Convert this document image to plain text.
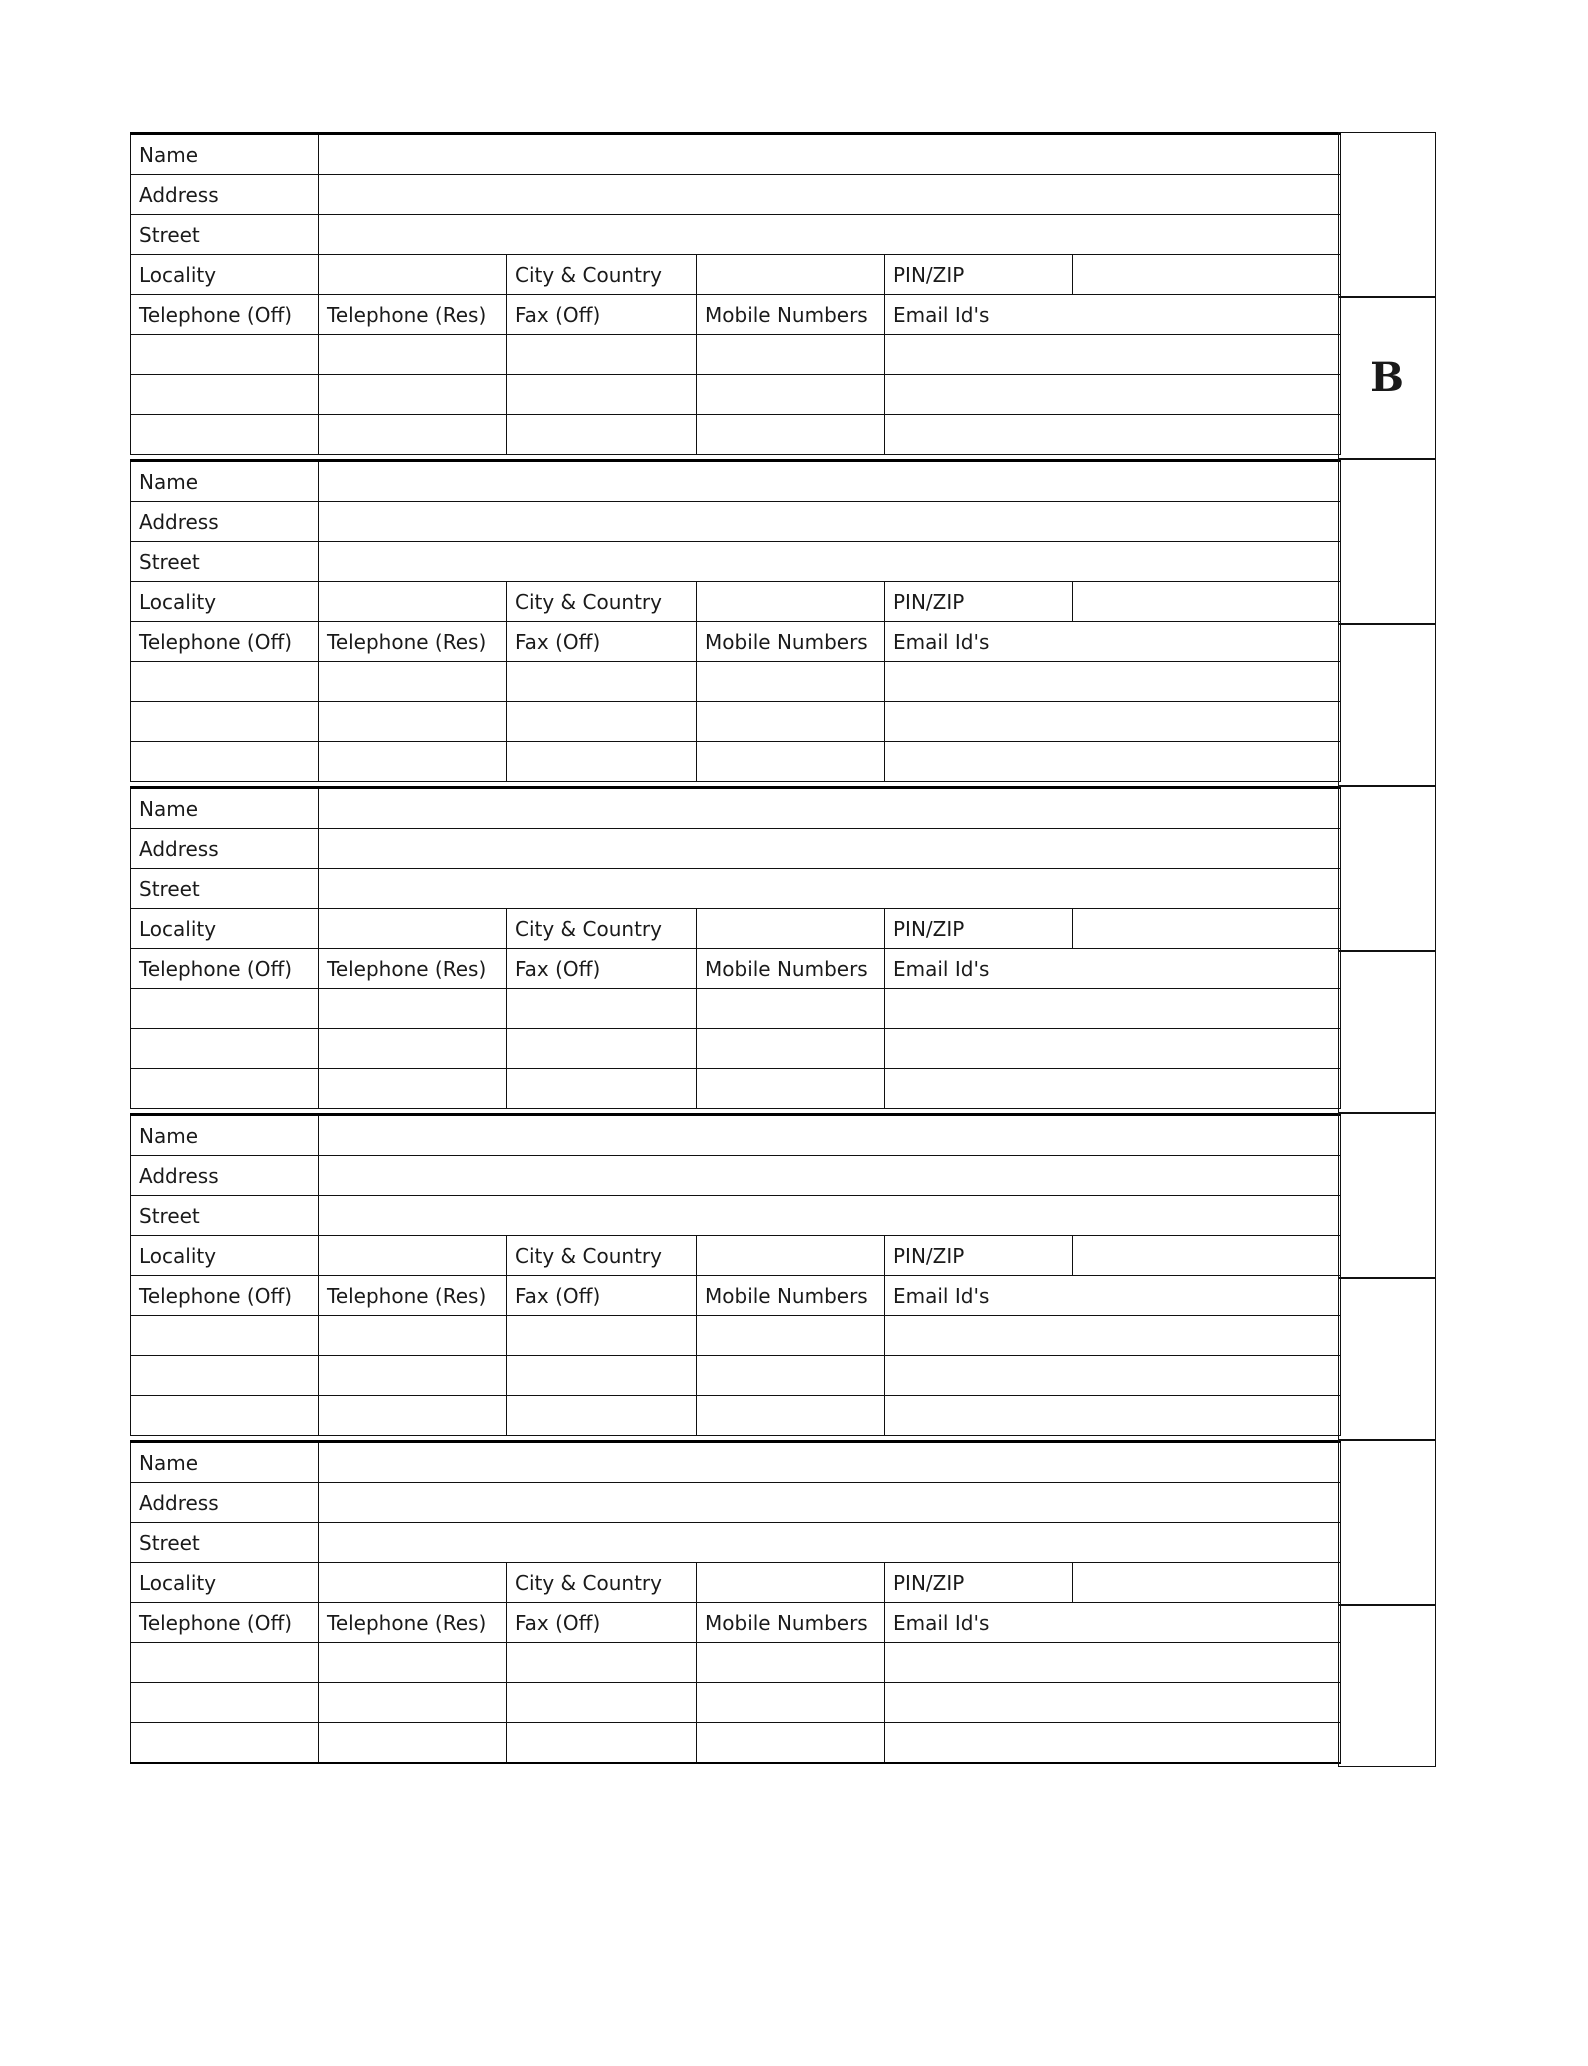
Name					
Address					
Street					
Locality		City & Country		PIN/ZIP	
Telephone (Off)	Telephone (Res)	Fax (Off)	Mobile Numbers	Email Id's	

B
Name					
Address					
Street					
Locality		City & Country		PIN/ZIP	
Telephone (Off)	Telephone (Res)	Fax (Off)	Mobile Numbers	Email Id's	

Name					
Address					
Street					
Locality		City & Country		PIN/ZIP	
Telephone (Off)	Telephone (Res)	Fax (Off)	Mobile Numbers	Email Id's	

Name					
Address					
Street					
Locality		City & Country		PIN/ZIP	
Telephone (Off)	Telephone (Res)	Fax (Off)	Mobile Numbers	Email Id's	

Name					
Address					
Street					
Locality		City & Country		PIN/ZIP	
Telephone (Off)	Telephone (Res)	Fax (Off)	Mobile Numbers	Email Id's	
